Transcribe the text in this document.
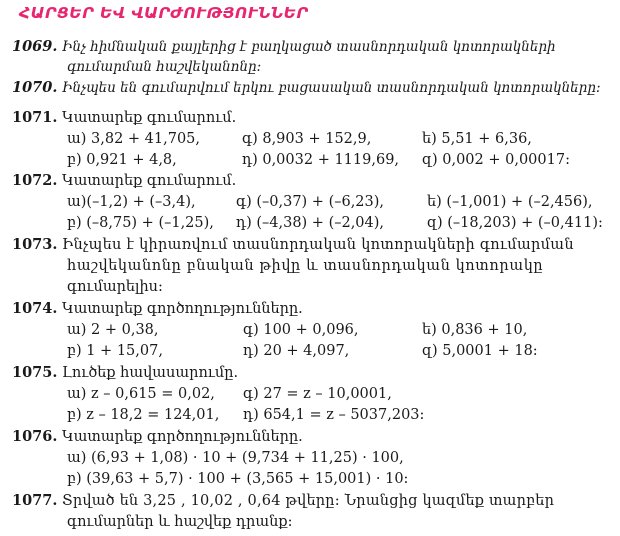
ՀԱՐՑԵՐ ԵՎ ՎԱՐԺՈՒԹՅՈՒՆՆԵՐ
1069. Ինչ հիմնական քայլերից է բաղկացած տասնորդական կոտորակների
գումարման հաշվեկանոնը:
1070. Ինչպես են գումարվում երկու բացասական տասնորդական կոտորակները:
1071. Կատարեք գումարում.
ա) 3,82 + 41,705,	գ) 8,903 + 152,9,	ե) 5,51 + 6,36,
բ) 0,921 + 4,8,	դ) 0,0032 + 1119,69, զ) 0,002 + 0,00017:
1072. Կատարեք գումարում.
ա)(–1,2) + (–3,4),	գ) (–0,37) + (–6,23),	ե) (–1,001) + (–2,456),
բ) (–8,75) + (–1,25), դ) (–4,38) + (–2,04),	զ) (–18,203) + (–0,411):
1073. Ինչպես է կիրառվում տասնորդական կոտորակների գումարման
հաշվեկանոնը բնական թիվը և տասնորդական կոտորակը
գումարելիս:
1074. Կատարեք գործողությունները.
ա) 2 + 0,38,	գ) 100 + 0,096,	ե) 0,836 + 10,
բ) 1 + 15,07,	դ) 20 + 4,097,	զ) 5,0001 + 18:
1075. Լուծեք հավասարումը.
ա) z – 0,615 = 0,02, գ) 27 = z – 10,0001,
բ) z – 18,2 = 124,01, դ) 654,1 = z – 5037,203:
1076. Կատարեք գործողությունները.
ա) (6,93 + 1,08) · 10 + (9,734 + 11,25) · 100,
բ) (39,63 + 5,7) · 100 + (3,565 + 15,001) · 10:
1077. Տրված են 3,25 , 10,02 , 0,64 թվերը: Նրանցից կազմեք տարբեր
գումարներ և հաշվեք դրանք:
